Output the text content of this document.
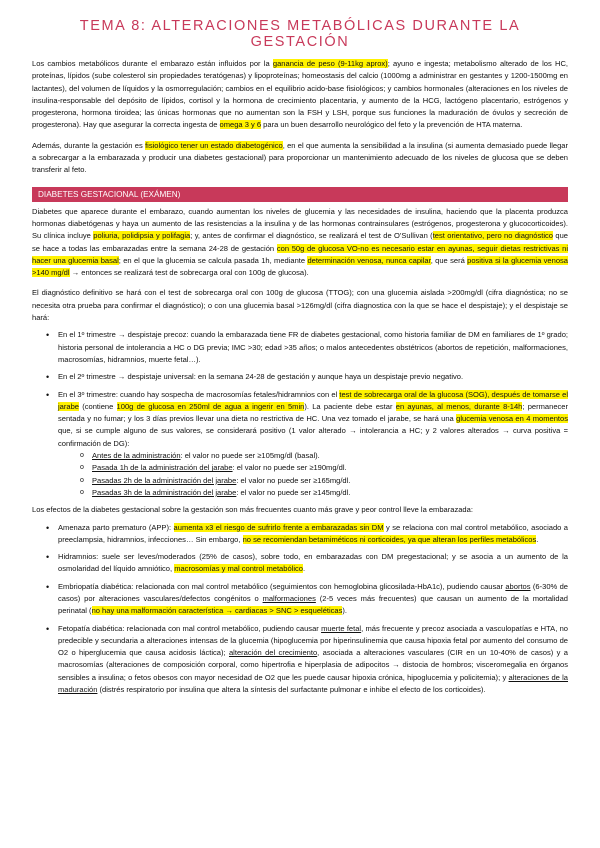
TEMA 8: ALTERACIONES METABÓLICAS DURANTE LA GESTACIÓN

Los cambios metabólicos durante el embarazo están influidos por la ganancia de peso (9-11kg aprox); ayuno e ingesta; metabolismo alterado de los HC, proteínas, lípidos (sube colesterol sin propiedades teratógenas) y lipoproteínas; homeostasis del calcio (1000mg a administrar en gestantes y 1200-1500mg en lactantes), del volumen de líquidos y la osmorregulación; cambios en el equilibrio acido-base fisiológicos; y cambios hormonales (alteraciones en los niveles de insulina-responsable del depósito de lípidos, cortisol y la hormona de crecimiento placentaria, y aumento de la HCG, lactógeno placentario, estrógenos y progesterona, hormona tiroidea; las únicas hormonas que no aumentan son la FSH y LSH, porque sus funciones la maduración de óvulos y secreción de progesterona). Hay que asegurar la correcta ingesta de omega 3 y 6 para un buen desarrollo neurológico del feto y la prevención de HTA materna.

Además, durante la gestación es fisiológico tener un estado diabetogénico, en el que aumenta la sensibilidad a la insulina (si aumenta demasiado puede llegar a sobrecargar a la embarazada y producir una diabetes gestacional) para proporcionar un mantenimiento adecuado de los niveles de glucosa que se deben transferir al feto.

DIABETES GESTACIONAL (EXÁMEN)

Diabetes que aparece durante el embarazo, cuando aumentan los niveles de glucemia y las necesidades de insulina, haciendo que la placenta produzca hormonas diabetógenas y haya un aumento de las resistencias a la insulina y de las hormonas contrainsulares (estrógenos, progesterona y glucocorticoides). Su clínica incluye poliuria, polidipsia y polifagia; y, antes de confirmar el diagnóstico, se realizará el test de O'Sullivan (test orientativo, pero no diagnóstico que se hace a todas las embarazadas entre la semana 24-28 de gestación con 50g de glucosa VO-no es necesario estar en ayunas, seguir dietas restrictivas ni hacer una glucemia basal; en el que la glucemia se calcula pasada 1h, mediante determinación venosa, nunca capilar, que será positiva si la glucemia venosa >140 mg/dl → entonces se realizará test de sobrecarga oral con 100g de glucosa).

El diagnóstico definitivo se hará con el test de sobrecarga oral con 100g de glucosa (TTOG); con una glucemia aislada >200mg/dl (cifra diagnóstica; no se necesita otra prueba para confirmar el diagnóstico); o con una glucemia basal >126mg/dl (cifra diagnostica con la que se hace el despistaje); y el despistaje se hará:

• En el 1º trimestre → despistaje precoz: cuando la embarazada tiene FR de diabetes gestacional, como historia familiar de DM en familiares de 1º grado; historia personal de intolerancia a HC o DG previa; IMC >30; edad >35 años; o malos antecedentes obstétricos (abortos de repetición, malformaciones, macrosomías, hidramnios, muerte fetal…).
• En el 2º trimestre → despistaje universal: en la semana 24-28 de gestación y aunque haya un despistaje previo negativo.
• En el 3º trimestre: cuando hay sospecha de macrosomías fetales/hidramnios con el test de sobrecarga oral de la glucosa (SOG), después de tomarse el jarabe (contiene 100g de glucosa en 250ml de agua a ingerir en 5min). La paciente debe estar en ayunas, al menos, durante 8-14h; permanecer sentada y no fumar; y los 3 días previos llevar una dieta no restrictiva de HC. Una vez tomado el jarabe, se hará una glucemia venosa en 4 momentos que, si se cumple alguno de sus valores, se considerará positivo (1 valor alterado → intolerancia a HC; y 2 valores alterados → curva positiva = confirmación de DG):
o Antes de la administración: el valor no puede ser ≥105mg/dl (basal).
o Pasada 1h de la administración del jarabe: el valor no puede ser ≥190mg/dl.
o Pasadas 2h de la administración del jarabe: el valor no puede ser ≥165mg/dl.
o Pasadas 3h de la administración del jarabe: el valor no puede ser ≥145mg/dl.

Los efectos de la diabetes gestacional sobre la gestación son más frecuentes cuanto más grave y peor control lleve la embarazada:

• Amenaza parto prematuro (APP): aumenta x3 el riesgo de sufrirlo frente a embarazadas sin DM y se relaciona con mal control metabólico, asociado a preeclampsia, hidramnios, infecciones… Sin embargo, no se recomiendan betamiméticos ni corticoides, ya que alteran los perfiles metabólicos.
• Hidramnios: suele ser leves/moderados (25% de casos), sobre todo, en embarazadas con DM pregestacional; y se asocia a un aumento de la osmolaridad del líquido amniótico, macrosomías y mal control metabólico.
• Embriopatía diabética: relacionada con mal control metabólico (seguimientos con hemoglobina glicosilada-HbA1c), pudiendo causar abortos (6-30% de casos) por alteraciones vasculares/defectos congénitos o malformaciones (2-5 veces más frecuentes) que causan un aumento de la mortalidad perinatal (no hay una malformación característica → cardiacas > SNC > esqueléticas).
• Fetopatía diabética: relacionada con mal control metabólico, pudiendo causar muerte fetal, más frecuente y precoz asociada a vasculopatías e HTA, no predecible y secundaria a alteraciones intensas de la glucemia (hipoglucemia por hiperinsulinemia que causa hipoxia fetal por aumento del consumo de O2 o hiperglucemia que causa acidosis láctica); alteración del crecimiento, asociada a alteraciones vasculares (CIR en un 10-40% de casos) y a macrosomías (alteraciones de composición corporal, como hipertrofia e hiperplasia de adipocitos → distocia de hombros; visceromegalia en órganos sensibles a insulina; o fetos obesos con mayor necesidad de O2 que les puede causar hipoxia crónica, hipoglucemia y policitemia); y alteraciones de la maduración (distrés respiratorio por insulina que altera la síntesis del surfactante pulmonar e inhibe el efecto de los corticoides).
